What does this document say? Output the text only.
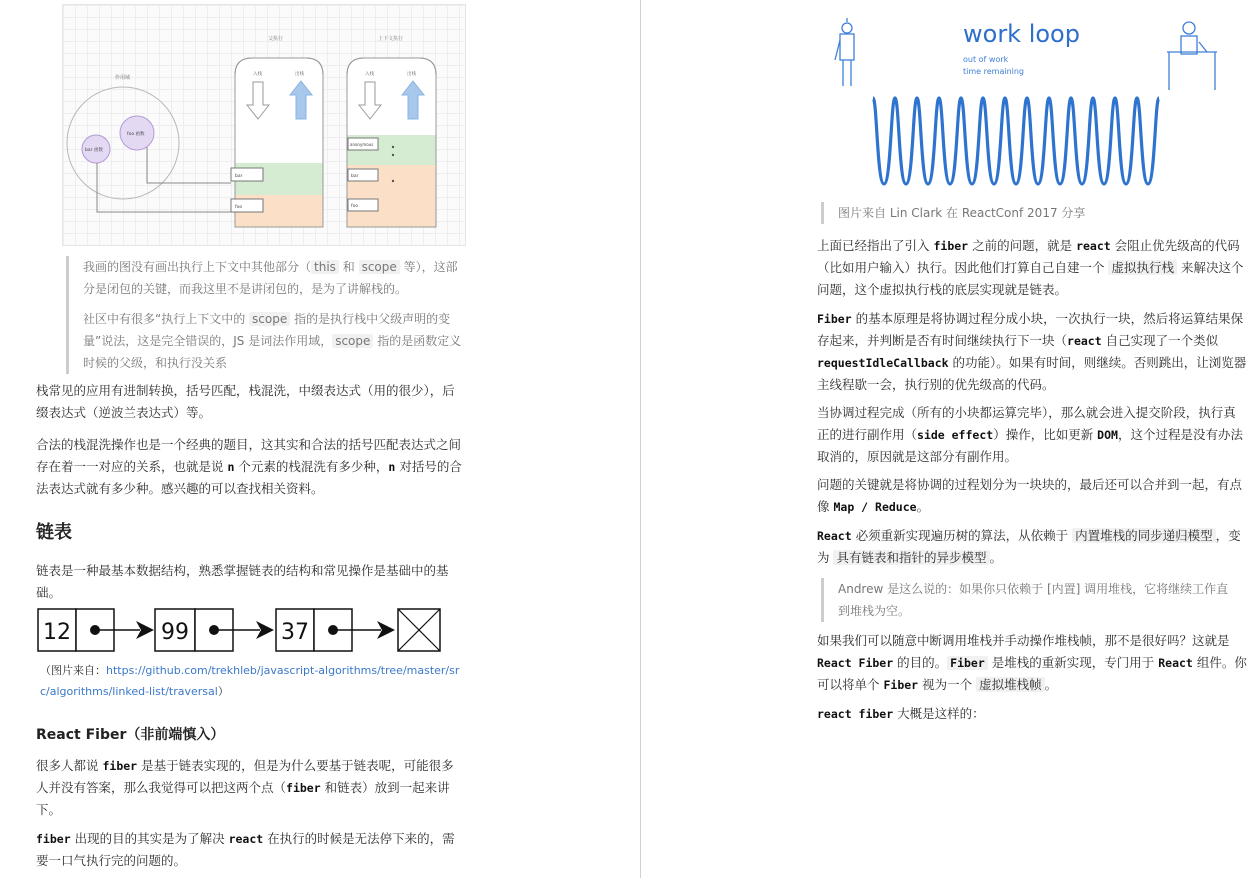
作用域
foo 函数
bar 函数
父执行	上下文执行
入栈	出栈
bar
foo
入栈	出栈
anonymous
bar
foo
我画的图没有画出执行上下文中其他部分（ this 和 scope 等），这部分是闭包的关键，而我这里不是讲闭包的，是为了讲解栈的。
社区中有很多“执行上下文中的 scope 指的是执行栈中父级声明的变量”说法，这是完全错误的，JS 是词法作用域， scope 指的是函数定义时候的父级，和执行没关系
栈常见的应用有进制转换，括号匹配，栈混洗，中缀表达式（用的很少），后缀表达式（逆波兰表达式）等。
合法的栈混洗操作也是一个经典的题目，这其实和合法的括号匹配表达式之间存在着一一对应的关系，也就是说 n 个元素的栈混洗有多少种，n 对括号的合法表达式就有多少种。感兴趣的可以查找相关资料。
链表
链表是一种最基本数据结构，熟悉掌握链表的结构和常见操作是基础中的基础。
12	99	37
（图片来自：https://github.com/trekhleb/javascript-algorithms/tree/master/src/algorithms/linked-list/traversal）
React Fiber（非前端慎入）
很多人都说 fiber 是基于链表实现的，但是为什么要基于链表呢，可能很多人并没有答案，那么我觉得可以把这两个点（fiber 和链表）放到一起来讲下。
fiber 出现的目的其实是为了解决 react 在执行的时候是无法停下来的，需要一口气执行完的问题的。
work loop
out of work
time remaining
图片来自 Lin Clark 在 ReactConf 2017 分享
上面已经指出了引入 fiber 之前的问题，就是 react 会阻止优先级高的代码（比如用户输入）执行。因此他们打算自己自建一个 虚拟执行栈 来解决这个问题，这个虚拟执行栈的底层实现就是链表。
Fiber 的基本原理是将协调过程分成小块，一次执行一块，然后将运算结果保存起来，并判断是否有时间继续执行下一块（react 自己实现了一个类似 requestIdleCallback 的功能）。如果有时间，则继续。否则跳出，让浏览器主线程歇一会，执行别的优先级高的代码。
当协调过程完成（所有的小块都运算完毕），那么就会进入提交阶段，执行真正的进行副作用（side effect）操作，比如更新 DOM，这个过程是没有办法取消的，原因就是这部分有副作用。
问题的关键就是将协调的过程划分为一块块的，最后还可以合并到一起，有点像 Map / Reduce。
React 必须重新实现遍历树的算法，从依赖于 内置堆栈的同步递归模型 ，变为 具有链表和指针的异步模型 。
Andrew 是这么说的：如果你只依赖于 [内置] 调用堆栈，它将继续工作直到堆栈为空。
如果我们可以随意中断调用堆栈并手动操作堆栈帧，那不是很好吗？这就是 React Fiber 的目的。 Fiber 是堆栈的重新实现，专门用于 React 组件。你可以将单个 Fiber 视为一个 虚拟堆栈帧 。
react fiber 大概是这样的：
